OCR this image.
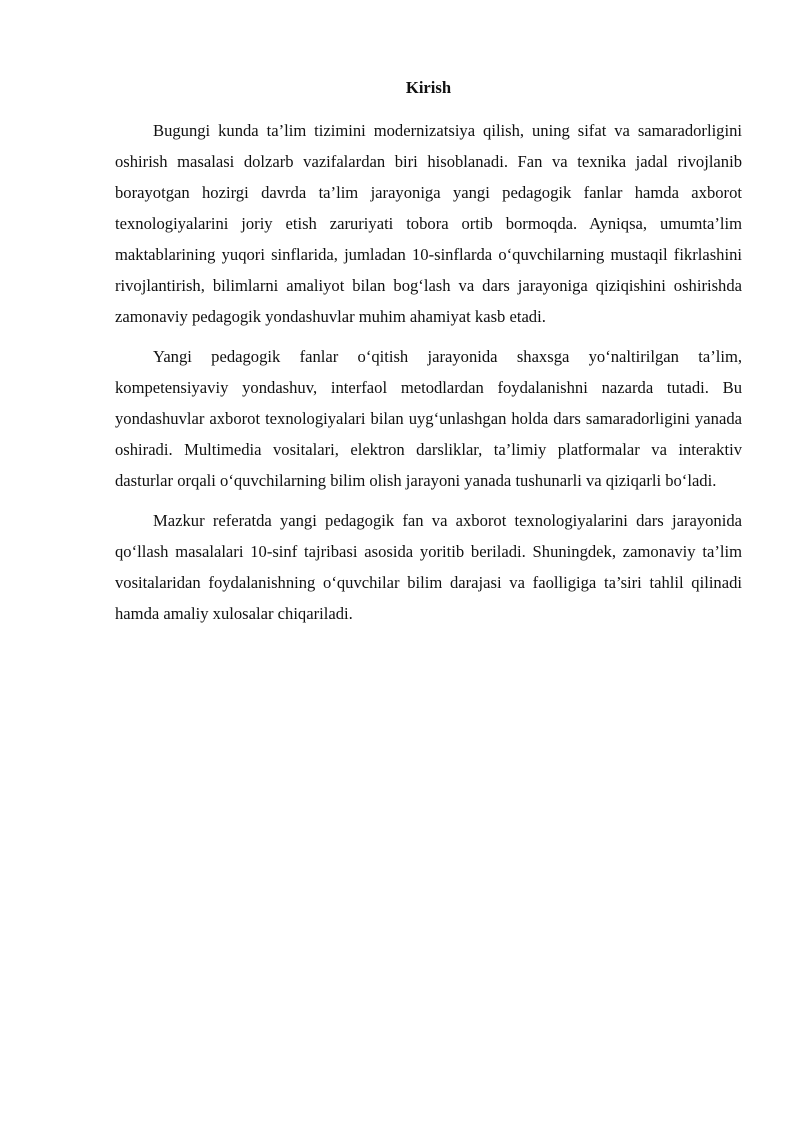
Kirish

Bugungi kunda ta’lim tizimini modernizatsiya qilish, uning sifat va samaradorligini oshirish masalasi dolzarb vazifalardan biri hisoblanadi. Fan va texnika jadal rivojlanib borayotgan hozirgi davrda ta’lim jarayoniga yangi pedagogik fanlar hamda axborot texnologiyalarini joriy etish zaruriyati tobora ortib bormoqda. Ayniqsa, umumta’lim maktablarining yuqori sinflarida, jumladan 10-sinflarda o‘quvchilarning mustaqil fikrlashini rivojlantirish, bilimlarni amaliyot bilan bog‘lash va dars jarayoniga qiziqishini oshirishda zamonaviy pedagogik yondashuvlar muhim ahamiyat kasb etadi.

Yangi pedagogik fanlar o‘qitish jarayonida shaxsga yo‘naltirilgan ta’lim, kompetensiyaviy yondashuv, interfaol metodlardan foydalanishni nazarda tutadi. Bu yondashuvlar axborot texnologiyalari bilan uyg‘unlashgan holda dars samaradorligini yanada oshiradi. Multimedia vositalari, elektron darsliklar, ta’limiy platformalar va interaktiv dasturlar orqali o‘quvchilarning bilim olish jarayoni yanada tushunarli va qiziqarli bo‘ladi.

Mazkur referatda yangi pedagogik fan va axborot texnologiyalarini dars jarayonida qo‘llash masalalari 10-sinf tajribasi asosida yoritib beriladi. Shuningdek, zamonaviy ta’lim vositalaridan foydalanishning o‘quvchilar bilim darajasi va faolligiga ta’siri tahlil qilinadi hamda amaliy xulosalar chiqariladi.
